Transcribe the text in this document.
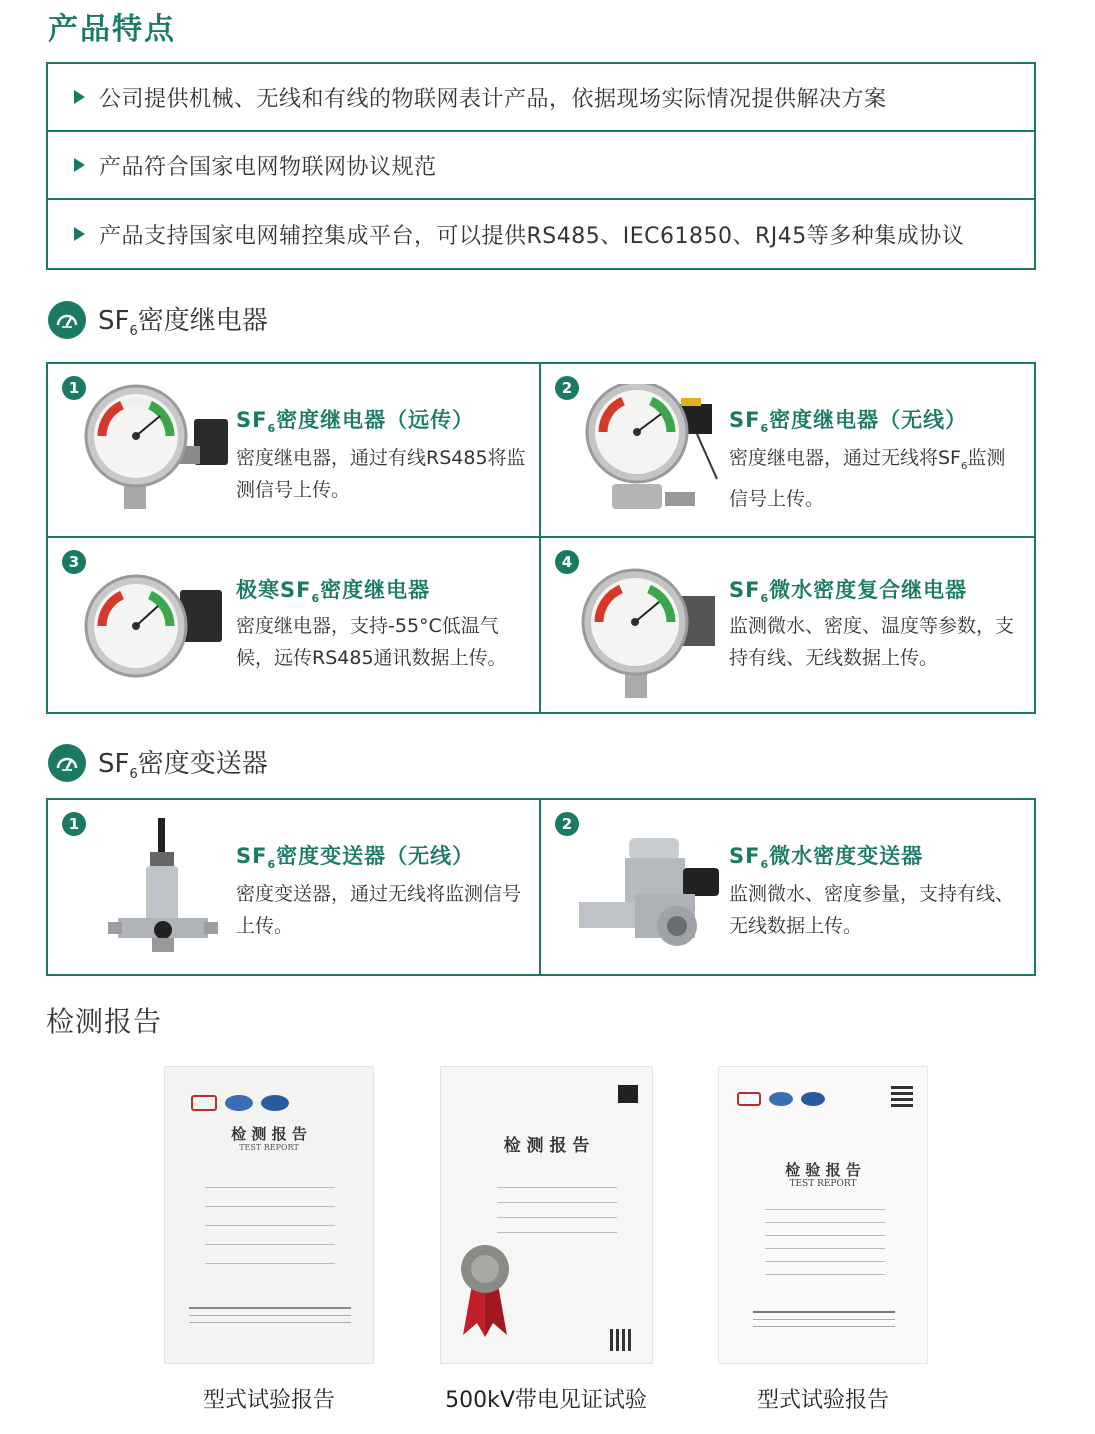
产品特点
公司提供机械、无线和有线的物联网表计产品，依据现场实际情况提供解决方案
产品符合国家电网物联网协议规范
产品支持国家电网辅控集成平台，可以提供RS485、IEC61850、RJ45等多种集成协议
$SF_6$密度继电器
1
$SF_6$密度继电器（远传）
密度继电器，通过有线RS485将监测信号上传。
2
$SF_6$密度继电器（无线）
密度继电器，通过无线将$SF_6$监测信号上传。
3
极寒$SF_6$密度继电器
密度继电器，支持-55°C低温气候，远传RS485通讯数据上传。
4
$SF_6$微水密度复合继电器
监测微水、密度、温度等参数，支持有线、无线数据上传。
$SF_6$密度变送器
1
$SF_6$密度变送器（无线）
密度变送器，通过无线将监测信号上传。
2
$SF_6$微水密度变送器
监测微水、密度参量，支持有线、无线数据上传。
检测报告
检 测 报 告
TEST REPORT	检 测 报 告
检 验 报 告
TEST REPORT
型式试验报告	500kV带电见证试验	型式试验报告
